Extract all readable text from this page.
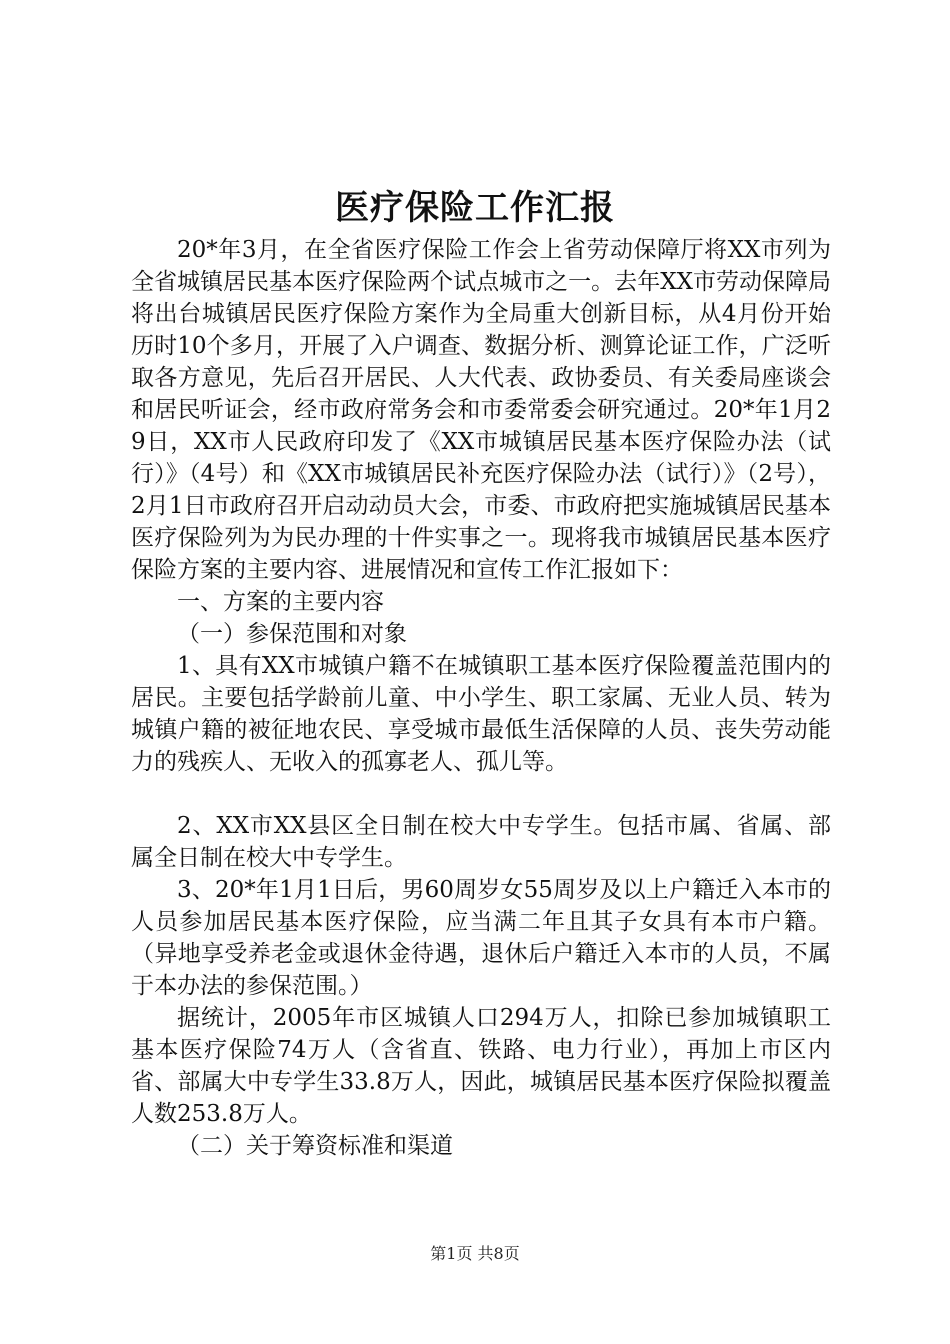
医疗保险工作汇报

20*年3月，在全省医疗保险工作会上省劳动保障厅将XX市列为全省城镇居民基本医疗保险两个试点城市之一。去年XX市劳动保障局将出台城镇居民医疗保险方案作为全局重大创新目标，从4月份开始历时10个多月，开展了入户调查、数据分析、测算论证工作，广泛听取各方意见，先后召开居民、人大代表、政协委员、有关委局座谈会和居民听证会，经市政府常务会和市委常委会研究通过。20*年1月29日，XX市人民政府印发了《XX市城镇居民基本医疗保险办法（试行）》（4号）和《XX市城镇居民补充医疗保险办法（试行）》（2号），2月1日市政府召开启动动员大会，市委、市政府把实施城镇居民基本医疗保险列为为民办理的十件实事之一。现将我市城镇居民基本医疗保险方案的主要内容、进展情况和宣传工作汇报如下：

一、方案的主要内容

（一）参保范围和对象

1、具有XX市城镇户籍不在城镇职工基本医疗保险覆盖范围内的居民。主要包括学龄前儿童、中小学生、职工家属、无业人员、转为城镇户籍的被征地农民、享受城市最低生活保障的人员、丧失劳动能力的残疾人、无收入的孤寡老人、孤儿等。

2、XX市XX县区全日制在校大中专学生。包括市属、省属、部属全日制在校大中专学生。

3、20*年1月1日后，男60周岁女55周岁及以上户籍迁入本市的人员参加居民基本医疗保险，应当满二年且其子女具有本市户籍。（异地享受养老金或退休金待遇，退休后户籍迁入本市的人员，不属于本办法的参保范围。）

据统计，2005年市区城镇人口294万人，扣除已参加城镇职工基本医疗保险74万人（含省直、铁路、电力行业），再加上市区内省、部属大中专学生33.8万人，因此，城镇居民基本医疗保险拟覆盖人数253.8万人。

（二）关于筹资标准和渠道

第1页 共8页
